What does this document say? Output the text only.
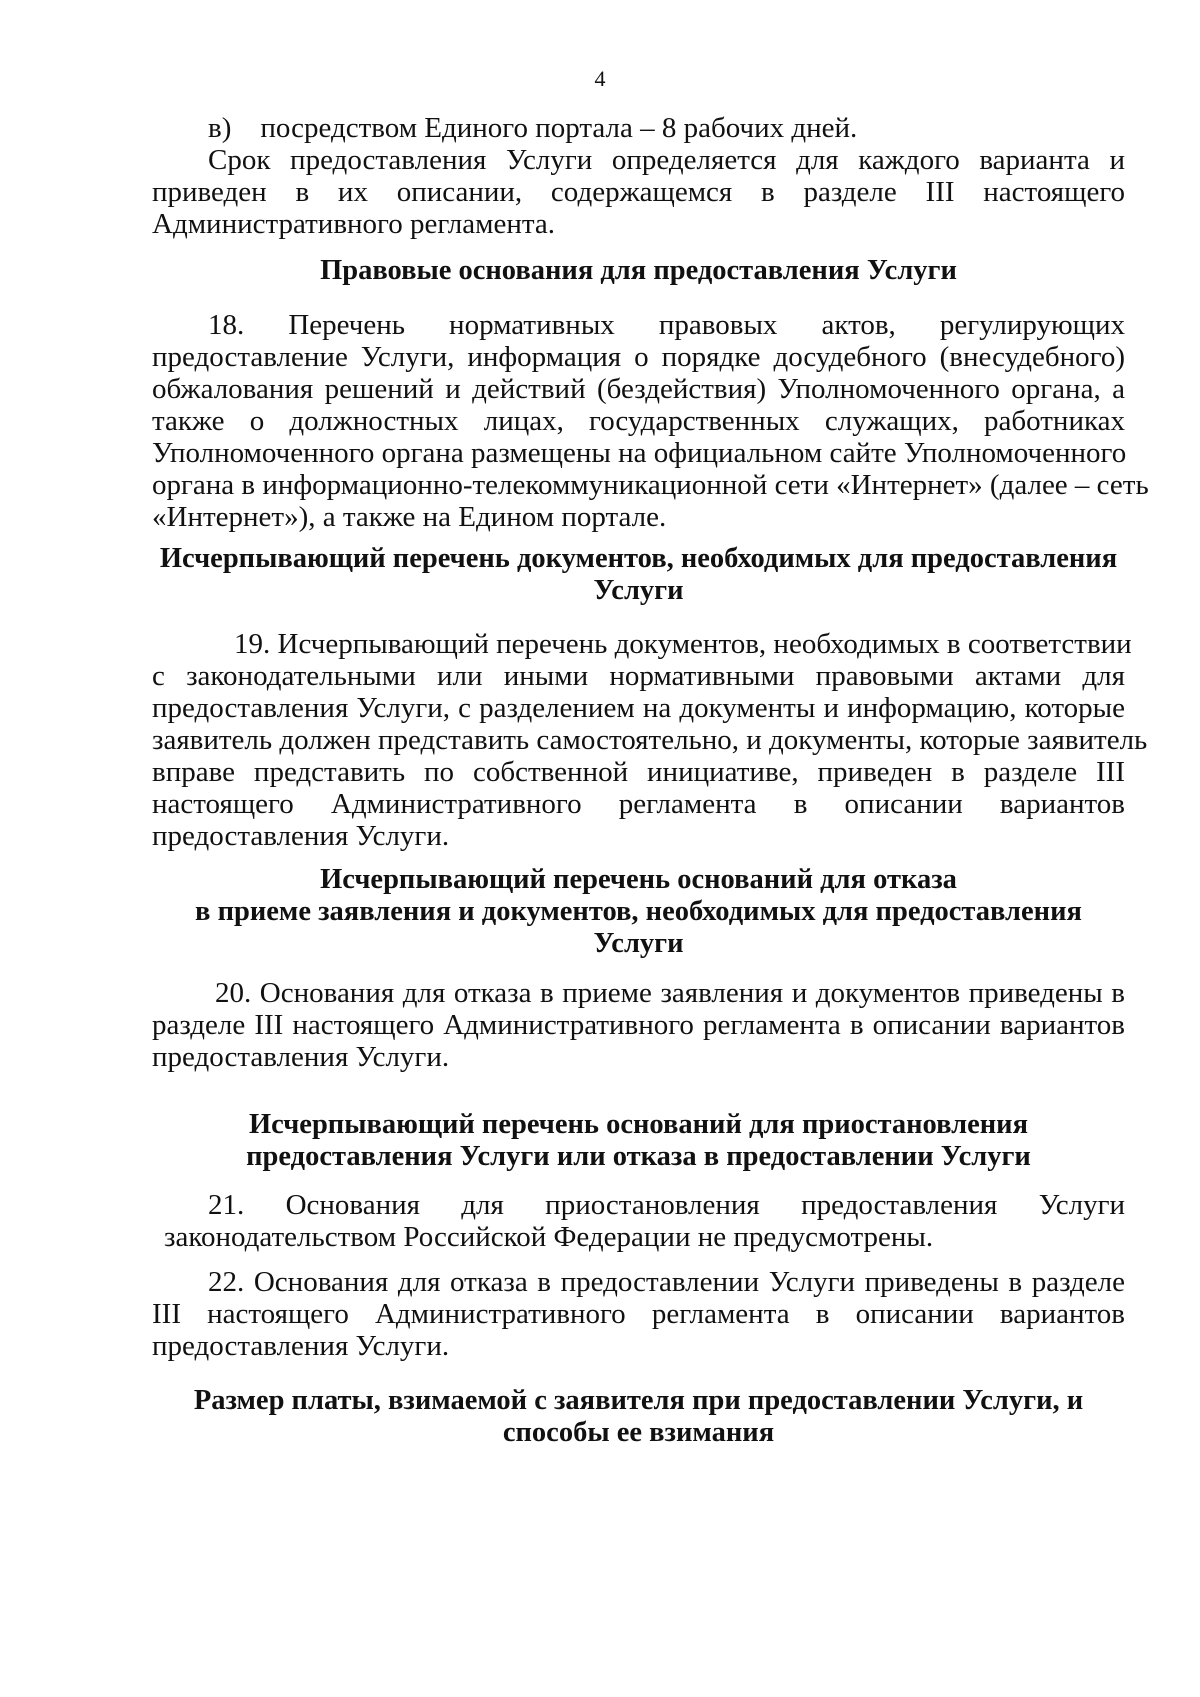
4
в)    посредством Единого портала – 8 рабочих дней.
Срок предоставления Услуги определяется для каждого варианта и
приведен в их описании, содержащемся в разделе III настоящего
Административного регламента.
Правовые основания для предоставления Услуги
18. Перечень нормативных правовых актов, регулирующих
предоставление Услуги, информация о порядке досудебного (внесудебного)
обжалования решений и действий (бездействия) Уполномоченного органа, а
также о должностных лицах, государственных служащих, работниках
Уполномоченного органа размещены на официальном сайте Уполномоченного
органа в информационно-телекоммуникационной сети «Интернет» (далее – сеть
«Интернет»), а также на Едином портале.
Исчерпывающий перечень документов, необходимых для предоставления
Услуги
19. Исчерпывающий перечень документов, необходимых в соответствии
с законодательными или иными нормативными правовыми актами для
предоставления Услуги, с разделением на документы и информацию, которые
заявитель должен представить самостоятельно, и документы, которые заявитель
вправе представить по собственной инициативе, приведен в разделе III
настоящего Административного регламента в описании вариантов
предоставления Услуги.
Исчерпывающий перечень оснований для отказа
в приеме заявления и документов, необходимых для предоставления
Услуги
20. Основания для отказа в приеме заявления и документов приведены в
разделе III настоящего Административного регламента в описании вариантов
предоставления Услуги.
Исчерпывающий перечень оснований для приостановления
предоставления Услуги или отказа в предоставлении Услуги
21. Основания для приостановления предоставления Услуги
законодательством Российской Федерации не предусмотрены.
22. Основания для отказа в предоставлении Услуги приведены в разделе
III настоящего Административного регламента в описании вариантов
предоставления Услуги.
Размер платы, взимаемой с заявителя при предоставлении Услуги, и
способы ее взимания
